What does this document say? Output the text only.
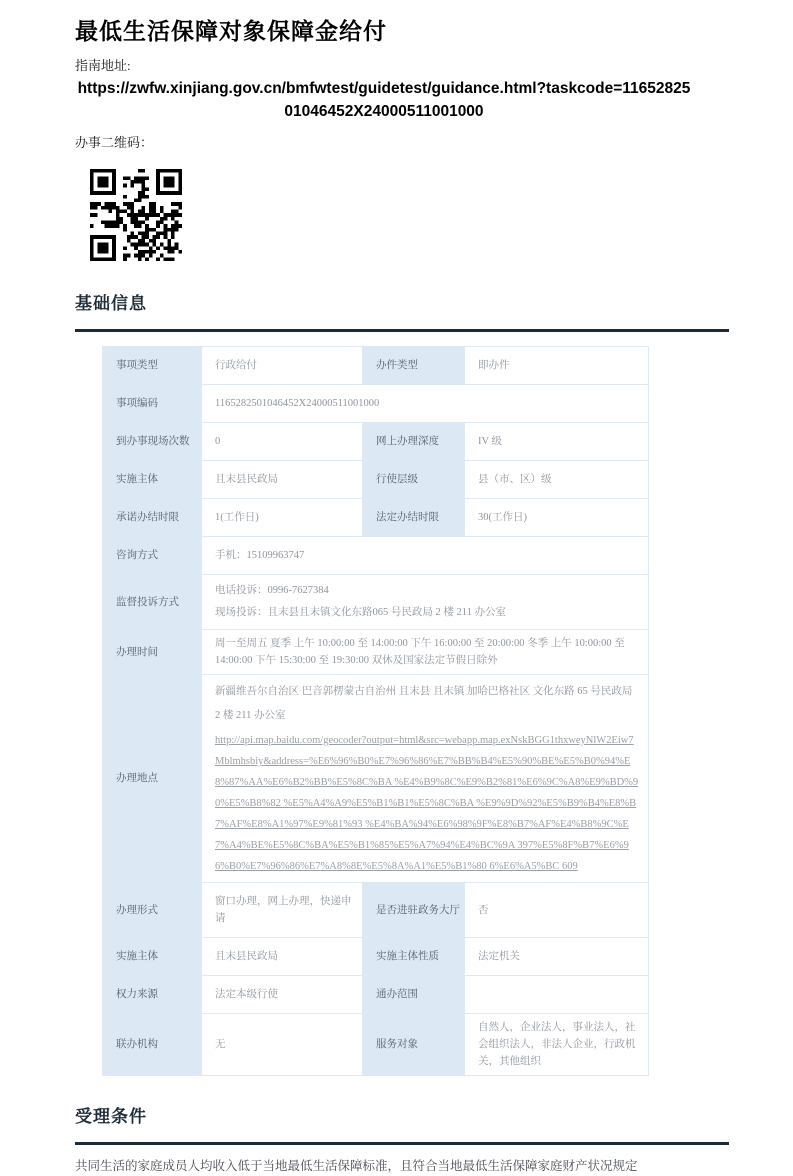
最低生活保障对象保障金给付
指南地址:
https://zwfw.xinjiang.gov.cn/bmfwtest/guidetest/guidance.html?taskcode=1165282501046452X24000511001000
办事二维码：
基础信息
事项类型	行政给付	办件类型	即办件
事项编码	1165282501046452X24000511001000		
到办事现场次数	0	网上办理深度	IV 级
实施主体	且末县民政局	行使层级	县（市、区）级
承诺办结时限	1(工作日)	法定办结时限	30(工作日)
咨询方式	手机：15109963747		
监督投诉方式	电话投诉：0996-7627384
现场投诉：且末县且末镇文化东路065 号民政局 2 楼 211 办公室		

办理时间	周一至周五 夏季 上午 10:00:00 至 14:00:00 下午 16:00:00 至 20:00:00 冬季 上午 10:00:00 至 14:00:00 下午 15:30:00 至 19:30:00 双休及国家法定节假日除外		
办理地点	新疆维吾尔自治区 巴音郭楞蒙古自治州 且末县 且末镇 加哈巴格社区 文化东路 65 号民政局 2 楼 211 办公室
http://api.map.baidu.com/geocoder?output=html&src=webapp.map.exNskBGG1thxweyNlW2Eiw7Mblmhsbiy&address=%E6%96%B0%E7%96%86%E7%BB%B4%E5%90%BE%E5%B0%94%E8%87%AA%E6%B2%BB%E5%8C%BA %E4%B9%8C%E9%B2%81%E6%9C%A8%E9%BD%90%E5%B8%82 %E5%A4%A9%E5%B1%B1%E5%8C%BA %E9%9D%92%E5%B9%B4%E8%B7%AF%E8%A1%97%E9%81%93 %E4%BA%94%E6%98%9F%E8%B7%AF%E4%B8%9C%E7%A4%BE%E5%8C%BA%E5%B1%85%E5%A7%94%E4%BC%9A 397%E5%8F%B7%E6%96%B0%E7%96%86%E7%A8%8E%E5%8A%A1%E5%B1%80 6%E6%A5%BC 609		

办理形式	窗口办理，网上办理，快递申请	是否进驻政务大厅	否
实施主体	且末县民政局	实施主体性质	法定机关
权力来源	法定本级行使	通办范围	
联办机构	无	服务对象	自然人，企业法人，事业法人，社会组织法人，非法人企业，行政机关，其他组织
受理条件
共同生活的家庭成员人均收入低于当地最低生活保障标准，且符合当地最低生活保障家庭财产状况规定
